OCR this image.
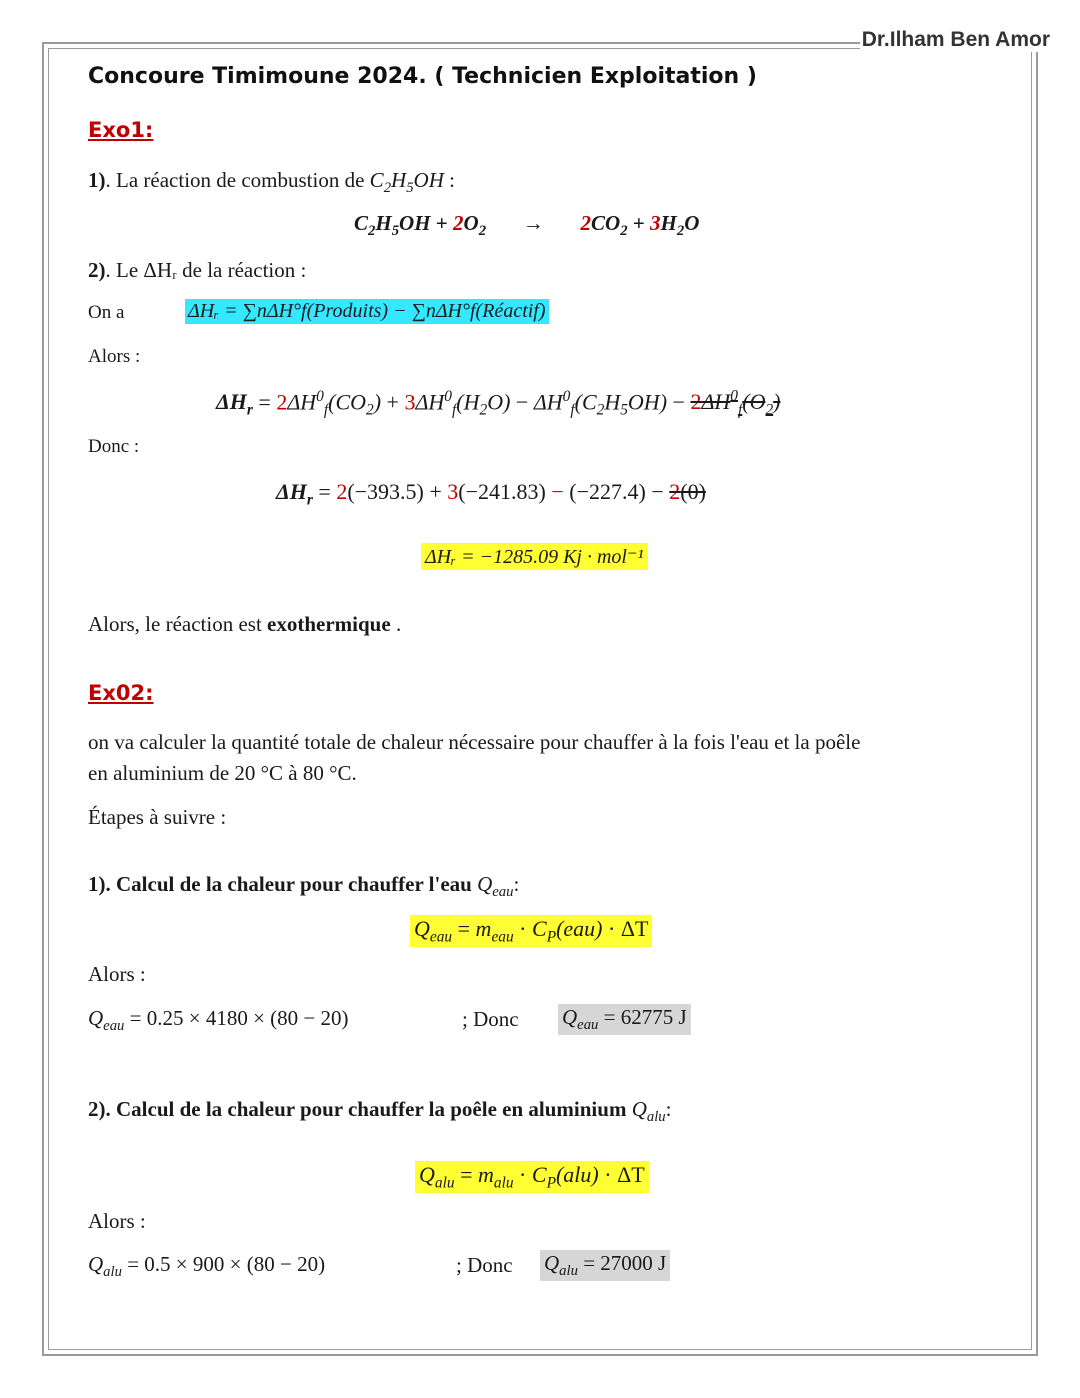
Dr.Ilham Ben Amor
Concoure Timimoune 2024. ( Technicien Exploitation )
Exo1:
1). La réaction de combustion de $C_2H_5OH$ :
$C_2H_5OH + 2O_2 \to 2CO_2 + 3H_2O$
2). Le ΔHᵣ de la réaction :
On a	ΔHᵣ = ∑nΔH°f(Produits) − ∑nΔH°f(Réactif)
Alors :
$\Delta H_r = 2\Delta H^0_f(CO_2) + 3\Delta H^0_f(H_2O) - \Delta H^0_f(C_2H_5OH) - 2\Delta H^0_f(O_2)$
Donc :
$\Delta H_r = 2(-393.5) + 3(-241.83) - (-227.4) - 2(0)$
ΔHᵣ = −1285.09 Kj · mol⁻¹
Alors, le réaction est exothermique .
Ex02:
on va calculer la quantité totale de chaleur nécessaire pour chauffer à la fois l'eau et la poêle
en aluminium de 20 °C à 80 °C.
Étapes à suivre :
1). Calcul de la chaleur pour chauffer l'eau $Q_{eau}$:
$Q_{eau} = m_{eau} \cdot C_P(eau) \cdot \Delta T$
Alors :
$Q_{eau} = 0.25 \times 4180 \times (80 - 20)$	; Donc $Q_{eau} = 62775$ J
2). Calcul de la chaleur pour chauffer la poêle en aluminium $Q_{alu}$:
$Q_{alu} = m_{alu} \cdot C_P(alu) \cdot \Delta T$
Alors :
$Q_{alu} = 0.5 \times 900 \times (80 - 20)$	; Donc $Q_{alu} = 27000$ J
